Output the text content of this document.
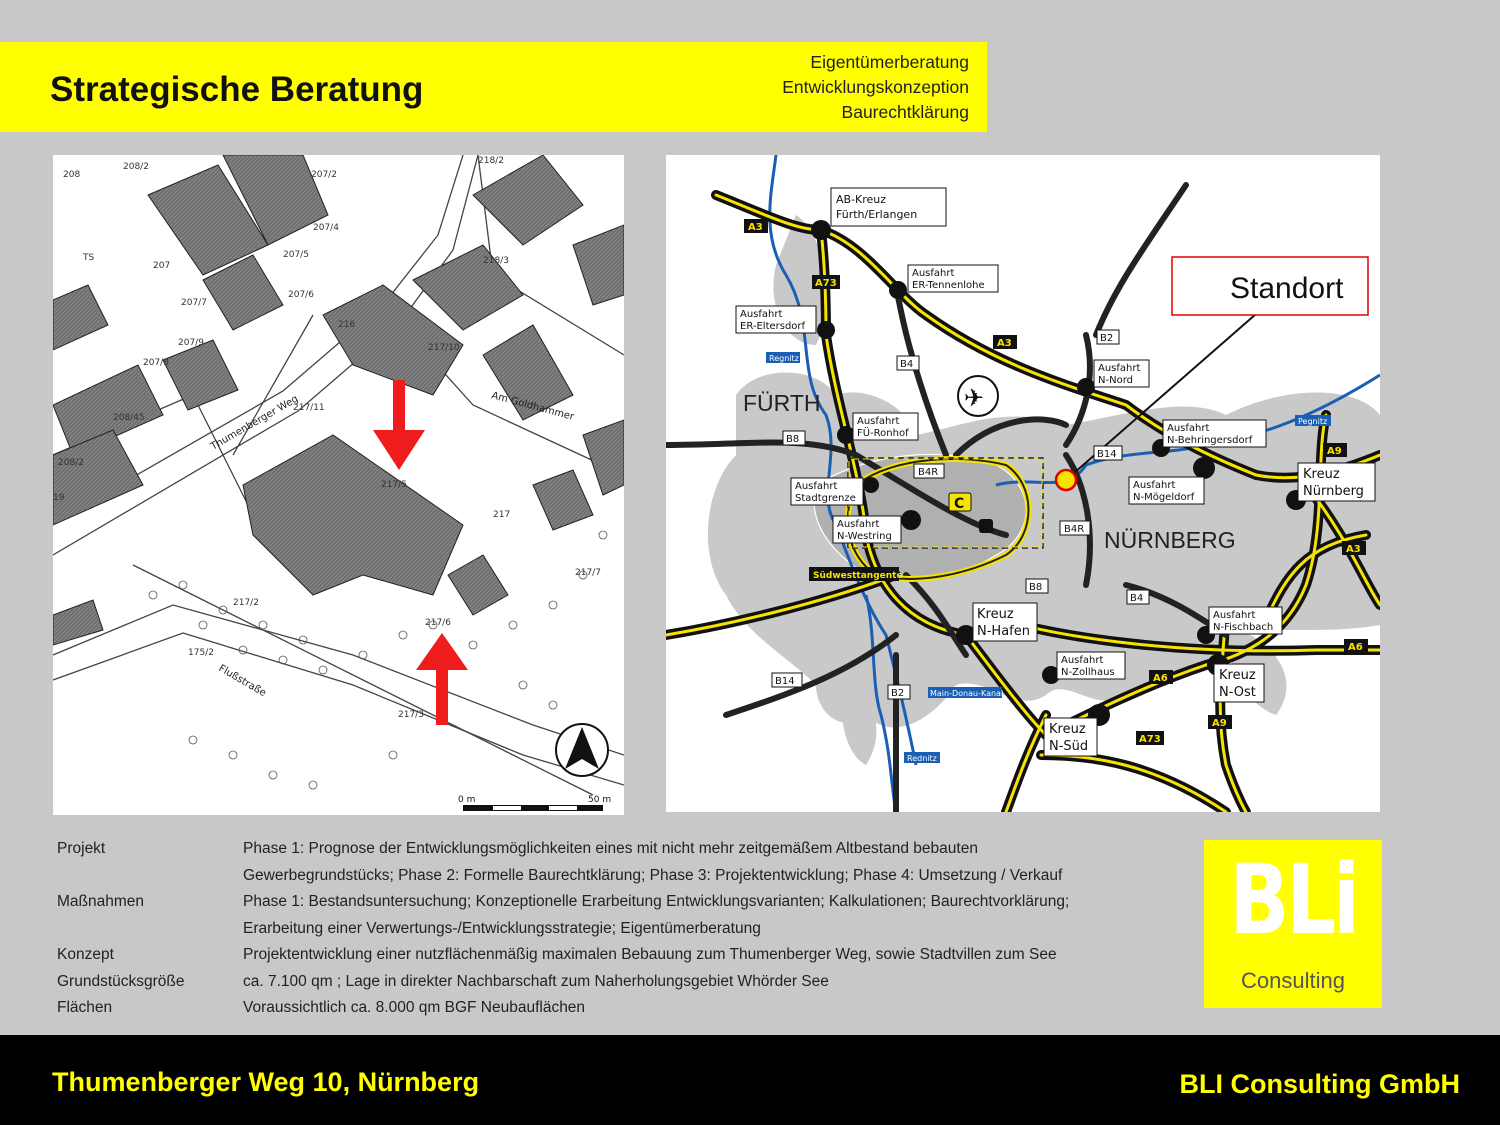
Strategische Beratung
Eigentümerberatung
Entwicklungskonzeption
Baurechtklärung
208/2
208
207
207/7
207/9
207/8
208/45
208/2
207/2
207/4
207/5
207/6
216
218/2
218/3
217/11
217/10
217/5
217
217/7
217/6
217/2
217/3
175/2
19
TS
Thumenberger Weg	Am Goldhammer
Flußstraße
0 m	50 m
C
✈
Standort
FÜRTH
NÜRNBERG
AB-Kreuz
Fürth/Erlangen
Ausfahrt
ER-Tennenlohe
Ausfahrt
ER-Eltersdorf
Ausfahrt
FÜ-Ronhof
Ausfahrt
N-Nord
Ausfahrt
N-Behringersdorf
Ausfahrt
N-Mögeldorf
Ausfahrt
Stadtgrenze
Ausfahrt
N-Westring
Kreuz
Nürnberg
Kreuz
N-Hafen
Ausfahrt
N-Zollhaus
Ausfahrt
N-Fischbach
Kreuz
N-Ost
Kreuz
N-Süd
A3
A73
A3
A9
A3
A6
A6
A9
A73
B2
B4
B8
B4R
B14
B4R
B8
B4
B14
B2
Regnitz
Pegnitz
Main-Donau-Kanal
Rednitz
Südwesttangente
Projekt	Phase 1: Prognose der Entwicklungsmöglichkeiten eines mit nicht mehr zeitgemäßem Altbestand bebauten
Gewerbegrundstücks; Phase 2: Formelle Baurechtklärung; Phase 3: Projektentwicklung; Phase 4: Umsetzung / Verkauf
Maßnahmen	Phase 1: Bestandsuntersuchung; Konzeptionelle Erarbeitung Entwicklungsvarianten; Kalkulationen; Baurechtvorklärung;
Erarbeitung einer Verwertungs-/Entwicklungsstrategie; Eigentümerberatung
Konzept	Projektentwicklung einer nutzflächenmäßig maximalen Bebauung zum Thumenberger Weg, sowie Stadtvillen zum See
Grundstücksgröße	ca. 7.100 qm ; Lage in direkter Nachbarschaft zum Naherholungsgebiet Whörder See
Flächen	Voraussichtlich ca. 8.000 qm BGF Neubauflächen
BLi
Consulting
Thumenberger Weg 10, Nürnberg	BLI Consulting GmbH
